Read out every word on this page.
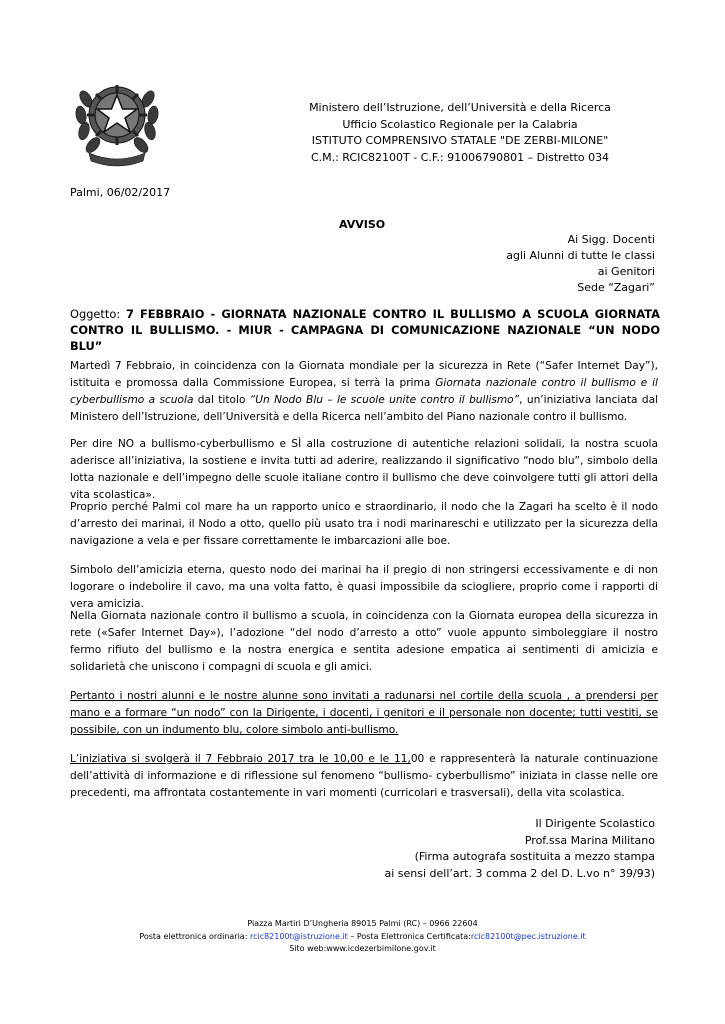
Ministero dell’Istruzione, dell’Università e della Ricerca
Ufficio Scolastico Regionale per la Calabria
ISTITUTO COMPRENSIVO STATALE "DE ZERBI-MILONE"
C.M.: RCIC82100T - C.F.: 91006790801 – Distretto 034
Palmi, 06/02/2017
AVVISO
Ai Sigg. Docenti
agli Alunni di tutte le classi
ai Genitori
Sede “Zagari”
Oggetto: 7 FEBBRAIO - GIORNATA NAZIONALE CONTRO IL BULLISMO A SCUOLA GIORNATA CONTRO IL BULLISMO. - MIUR - CAMPAGNA DI COMUNICAZIONE NAZIONALE “UN NODO BLU”
Martedì 7 Febbraio, in coincidenza con la Giornata mondiale per la sicurezza in Rete (“Safer Internet Day”), istituita e promossa dalla Commissione Europea, si terrà la prima Giornata nazionale contro il bullismo e il cyberbullismo a scuola dal titolo “Un Nodo Blu – le scuole unite contro il bullismo”, un’iniziativa lanciata dal Ministero dell’Istruzione, dell’Università e della Ricerca nell’ambito del Piano nazionale contro il bullismo.
Per dire NO a bullismo-cyberbullismo e SÌ alla costruzione di autentiche relazioni solidali, la nostra scuola aderisce all’iniziativa, la sostiene e invita tutti ad aderire, realizzando il significativo “nodo blu”, simbolo della lotta nazionale e dell’impegno delle scuole italiane contro il bullismo che deve coinvolgere tutti gli attori della vita scolastica».
Proprio perché Palmi col mare ha un rapporto unico e straordinario, il nodo che la Zagari ha scelto è il nodo d’arresto dei marinai, il Nodo a otto, quello più usato tra i nodi marinareschi e utilizzato per la sicurezza della navigazione a vela e per fissare correttamente le imbarcazioni alle boe.
Simbolo dell’amicizia eterna, questo nodo dei marinai ha il pregio di non stringersi eccessivamente e di non logorare o indebolire il cavo, ma una volta fatto, è quasi impossibile da sciogliere, proprio come i rapporti di vera amicizia.
Nella Giornata nazionale contro il bullismo a scuola, in coincidenza con la Giornata europea della sicurezza in rete («Safer Internet Day»), l’adozione “del nodo d’arresto a otto” vuole appunto simboleggiare il nostro fermo rifiuto del bullismo e la nostra energica e sentita adesione empatica ai sentimenti di amicizia e solidarietà che uniscono i compagni di scuola e gli amici.
Pertanto i nostri alunni e le nostre alunne sono invitati a radunarsi nel cortile della scuola , a prendersi per mano e a formare “un nodo” con la Dirigente, i docenti, i genitori e il personale non docente; tutti vestiti, se possibile, con un indumento blu, colore simbolo anti-bullismo.
L’iniziativa si svolgerà il 7 Febbraio 2017 tra le 10,00 e le 11,00 e rappresenterà la naturale continuazione dell’attività di informazione e di riflessione sul fenomeno “bullismo- cyberbullismo” iniziata in classe nelle ore precedenti, ma affrontata costantemente in vari momenti (curricolari e trasversali), della vita scolastica.
Il Dirigente Scolastico
Prof.ssa Marina Militano
(Firma autografa sostituita a mezzo stampa
ai sensi dell’art. 3 comma 2 del D. L.vo n° 39/93)
Piazza Martiri D’Ungheria 89015 Palmi (RC) – 0966 22604
Posta elettronica ordinaria: rcic82100t@istruzione.it – Posta Elettronica Certificata:rcic82100t@pec.istruzione.it
Sito web:www.icdezerbimilone.gov.it
